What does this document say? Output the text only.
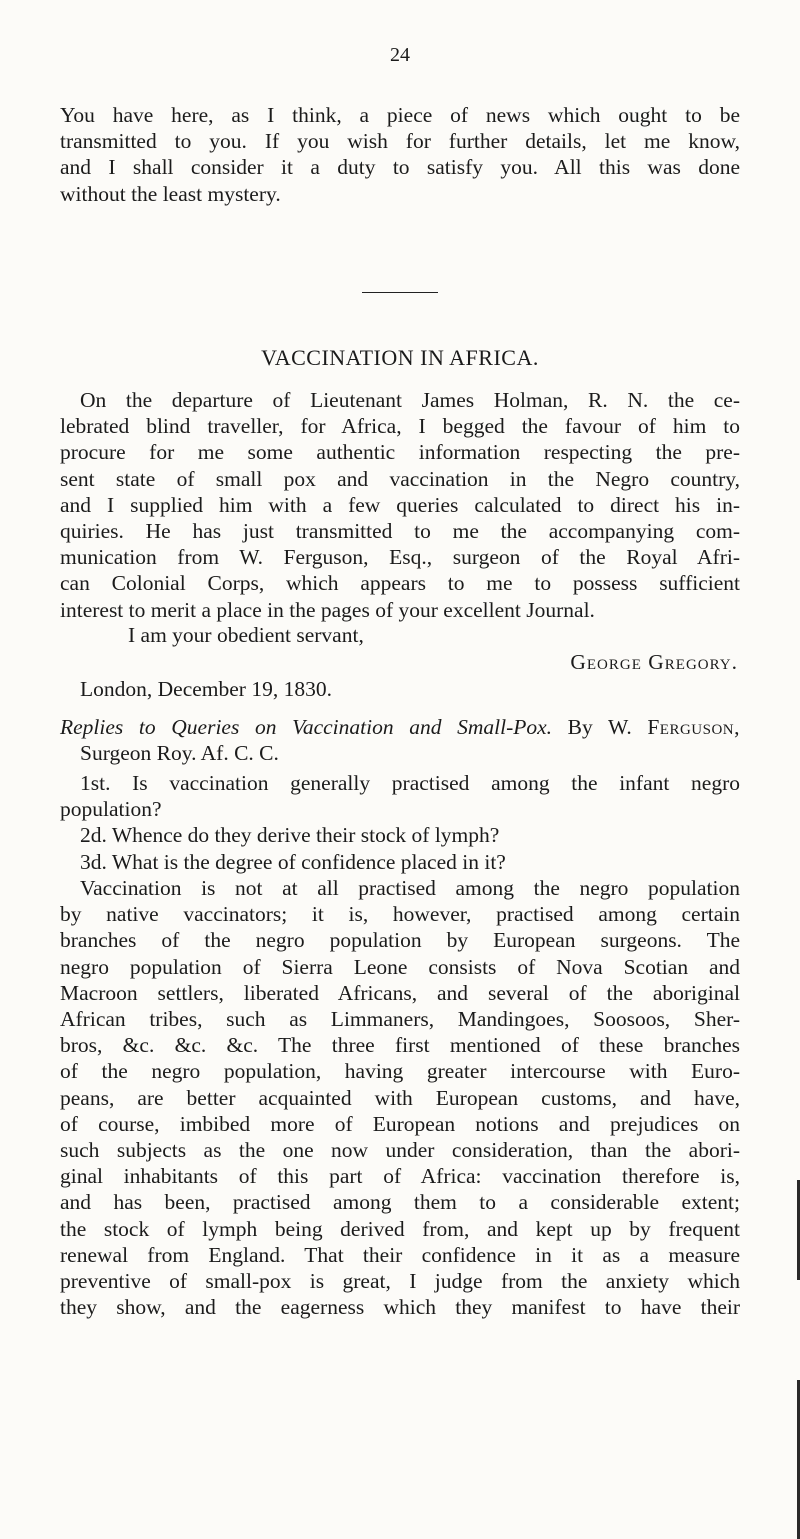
24
You have here, as I think, a piece of news which ought to be
transmitted to you. If you wish for further details, let me know,
and I shall consider it a duty to satisfy you. All this was done
without the least mystery.
VACCINATION IN AFRICA.
On the departure of Lieutenant James Holman, R. N. the ce-
lebrated blind traveller, for Africa, I begged the favour of him to
procure for me some authentic information respecting the pre-
sent state of small pox and vaccination in the Negro country,
and I supplied him with a few queries calculated to direct his in-
quiries. He has just transmitted to me the accompanying com-
munication from W. Ferguson, Esq., surgeon of the Royal Afri-
can Colonial Corps, which appears to me to possess sufficient
interest to merit a place in the pages of your excellent Journal.
I am your obedient servant,
George Gregory.
London, December 19, 1830.
Replies to Queries on Vaccination and Small-Pox. By W. Ferguson,
Surgeon Roy. Af. C. C.
1st. Is vaccination generally practised among the infant negro
population?
2d. Whence do they derive their stock of lymph?
3d. What is the degree of confidence placed in it?
Vaccination is not at all practised among the negro population
by native vaccinators; it is, however, practised among certain
branches of the negro population by European surgeons. The
negro population of Sierra Leone consists of Nova Scotian and
Macroon settlers, liberated Africans, and several of the aboriginal
African tribes, such as Limmaners, Mandingoes, Soosoos, Sher-
bros, &c. &c. &c. The three first mentioned of these branches
of the negro population, having greater intercourse with Euro-
peans, are better acquainted with European customs, and have,
of course, imbibed more of European notions and prejudices on
such subjects as the one now under consideration, than the abori-
ginal inhabitants of this part of Africa: vaccination therefore is,
and has been, practised among them to a considerable extent;
the stock of lymph being derived from, and kept up by frequent
renewal from England. That their confidence in it as a measure
preventive of small-pox is great, I judge from the anxiety which
they show, and the eagerness which they manifest to have their
